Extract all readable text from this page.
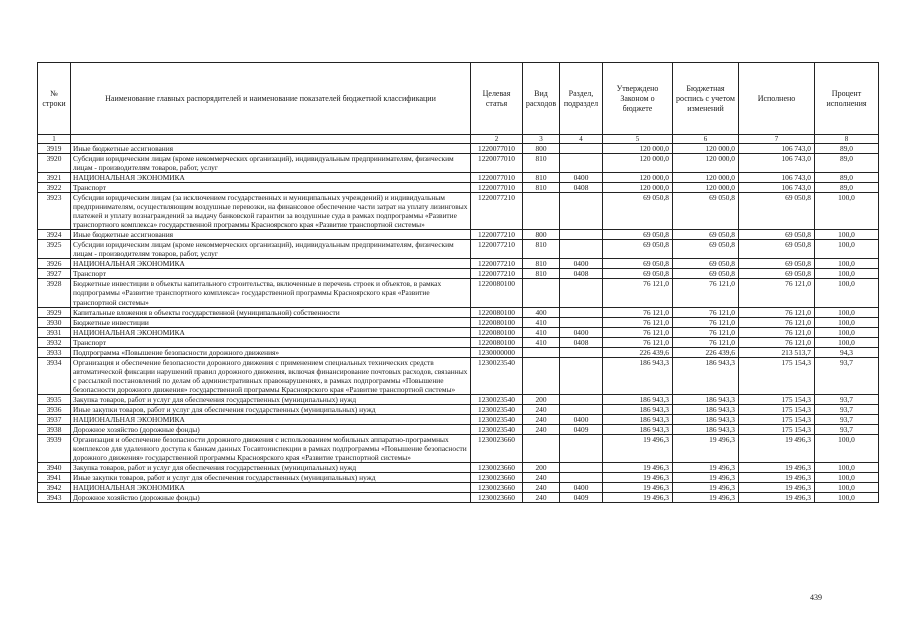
№ строки	Наименование главных распорядителей и наименование показателей бюджетной классификации	Целевая статья	Вид расходов	Раздел, подраздел	Утверждено Законом о бюджете	Бюджетная роспись с учетом изменений	Исполнено	Процент исполнения
1		2	3	4	5	6	7	8
3919	Иные бюджетные ассигнования	1220077010	800		120 000,0	120 000,0	106 743,0	89,0
3920	Субсидии юридическим лицам (кроме некоммерческих организаций), индивидуальным предпринимателям, физическим лицам - производителям товаров, работ, услуг	1220077010	810		120 000,0	120 000,0	106 743,0	89,0
3921	НАЦИОНАЛЬНАЯ ЭКОНОМИКА	1220077010	810	0400	120 000,0	120 000,0	106 743,0	89,0
3922	Транспорт	1220077010	810	0408	120 000,0	120 000,0	106 743,0	89,0
3923	Субсидии юридическим лицам (за исключением государственных и муниципальных учреждений) и индивидуальным предпринимателям, осуществляющим воздушные перевозки, на финансовое обеспечение части затрат на уплату лизинговых платежей и уплату вознаграждений за выдачу банковской гарантии за воздушные суда в рамках подпрограммы «Развитие транспортного комплекса» государственной программы Красноярского края «Развитие транспортной системы»	1220077210			69 050,8	69 050,8	69 050,8	100,0
3924	Иные бюджетные ассигнования	1220077210	800		69 050,8	69 050,8	69 050,8	100,0
3925	Субсидии юридическим лицам (кроме некоммерческих организаций), индивидуальным предпринимателям, физическим лицам - производителям товаров, работ, услуг	1220077210	810		69 050,8	69 050,8	69 050,8	100,0
3926	НАЦИОНАЛЬНАЯ ЭКОНОМИКА	1220077210	810	0400	69 050,8	69 050,8	69 050,8	100,0
3927	Транспорт	1220077210	810	0408	69 050,8	69 050,8	69 050,8	100,0
3928	Бюджетные инвестиции в объекты капитального строительства, включенные в перечень строек и объектов, в рамках подпрограммы «Развитие транспортного комплекса» государственной программы Красноярского края «Развитие транспортной системы»	1220080100			76 121,0	76 121,0	76 121,0	100,0
3929	Капитальные вложения в объекты государственной (муниципальной) собственности	1220080100	400		76 121,0	76 121,0	76 121,0	100,0
3930	Бюджетные инвестиции	1220080100	410		76 121,0	76 121,0	76 121,0	100,0
3931	НАЦИОНАЛЬНАЯ ЭКОНОМИКА	1220080100	410	0400	76 121,0	76 121,0	76 121,0	100,0
3932	Транспорт	1220080100	410	0408	76 121,0	76 121,0	76 121,0	100,0
3933	Подпрограмма «Повышение безопасности дорожного движения»	1230000000			226 439,6	226 439,6	213 513,7	94,3
3934	Организация и обеспечение безопасности дорожного движения с применением специальных технических средств автоматической фиксации нарушений правил дорожного движения, включая финансирование почтовых расходов, связанных с рассылкой постановлений по делам об административных правонарушениях, в рамках подпрограммы «Повышение безопасности дорожного движения» государственной программы Красноярского края «Развитие транспортной системы»	1230023540			186 943,3	186 943,3	175 154,3	93,7
3935	Закупка товаров, работ и услуг для обеспечения государственных (муниципальных) нужд	1230023540	200		186 943,3	186 943,3	175 154,3	93,7
3936	Иные закупки товаров, работ и услуг для обеспечения государственных (муниципальных) нужд	1230023540	240		186 943,3	186 943,3	175 154,3	93,7
3937	НАЦИОНАЛЬНАЯ ЭКОНОМИКА	1230023540	240	0400	186 943,3	186 943,3	175 154,3	93,7
3938	Дорожное хозяйство (дорожные фонды)	1230023540	240	0409	186 943,3	186 943,3	175 154,3	93,7
3939	Организация и обеспечение безопасности дорожного движения с использованием мобильных аппаратно-программных комплексов для удаленного доступа к банкам данных Госавтоинспекции в рамках подпрограммы «Повышение безопасности дорожного движения» государственной программы Красноярского края «Развитие транспортной системы»	1230023660			19 496,3	19 496,3	19 496,3	100,0
3940	Закупка товаров, работ и услуг для обеспечения государственных (муниципальных) нужд	1230023660	200		19 496,3	19 496,3	19 496,3	100,0
3941	Иные закупки товаров, работ и услуг для обеспечения государственных (муниципальных) нужд	1230023660	240		19 496,3	19 496,3	19 496,3	100,0
3942	НАЦИОНАЛЬНАЯ ЭКОНОМИКА	1230023660	240	0400	19 496,3	19 496,3	19 496,3	100,0
3943	Дорожное хозяйство (дорожные фонды)	1230023660	240	0409	19 496,3	19 496,3	19 496,3	100,0
439
